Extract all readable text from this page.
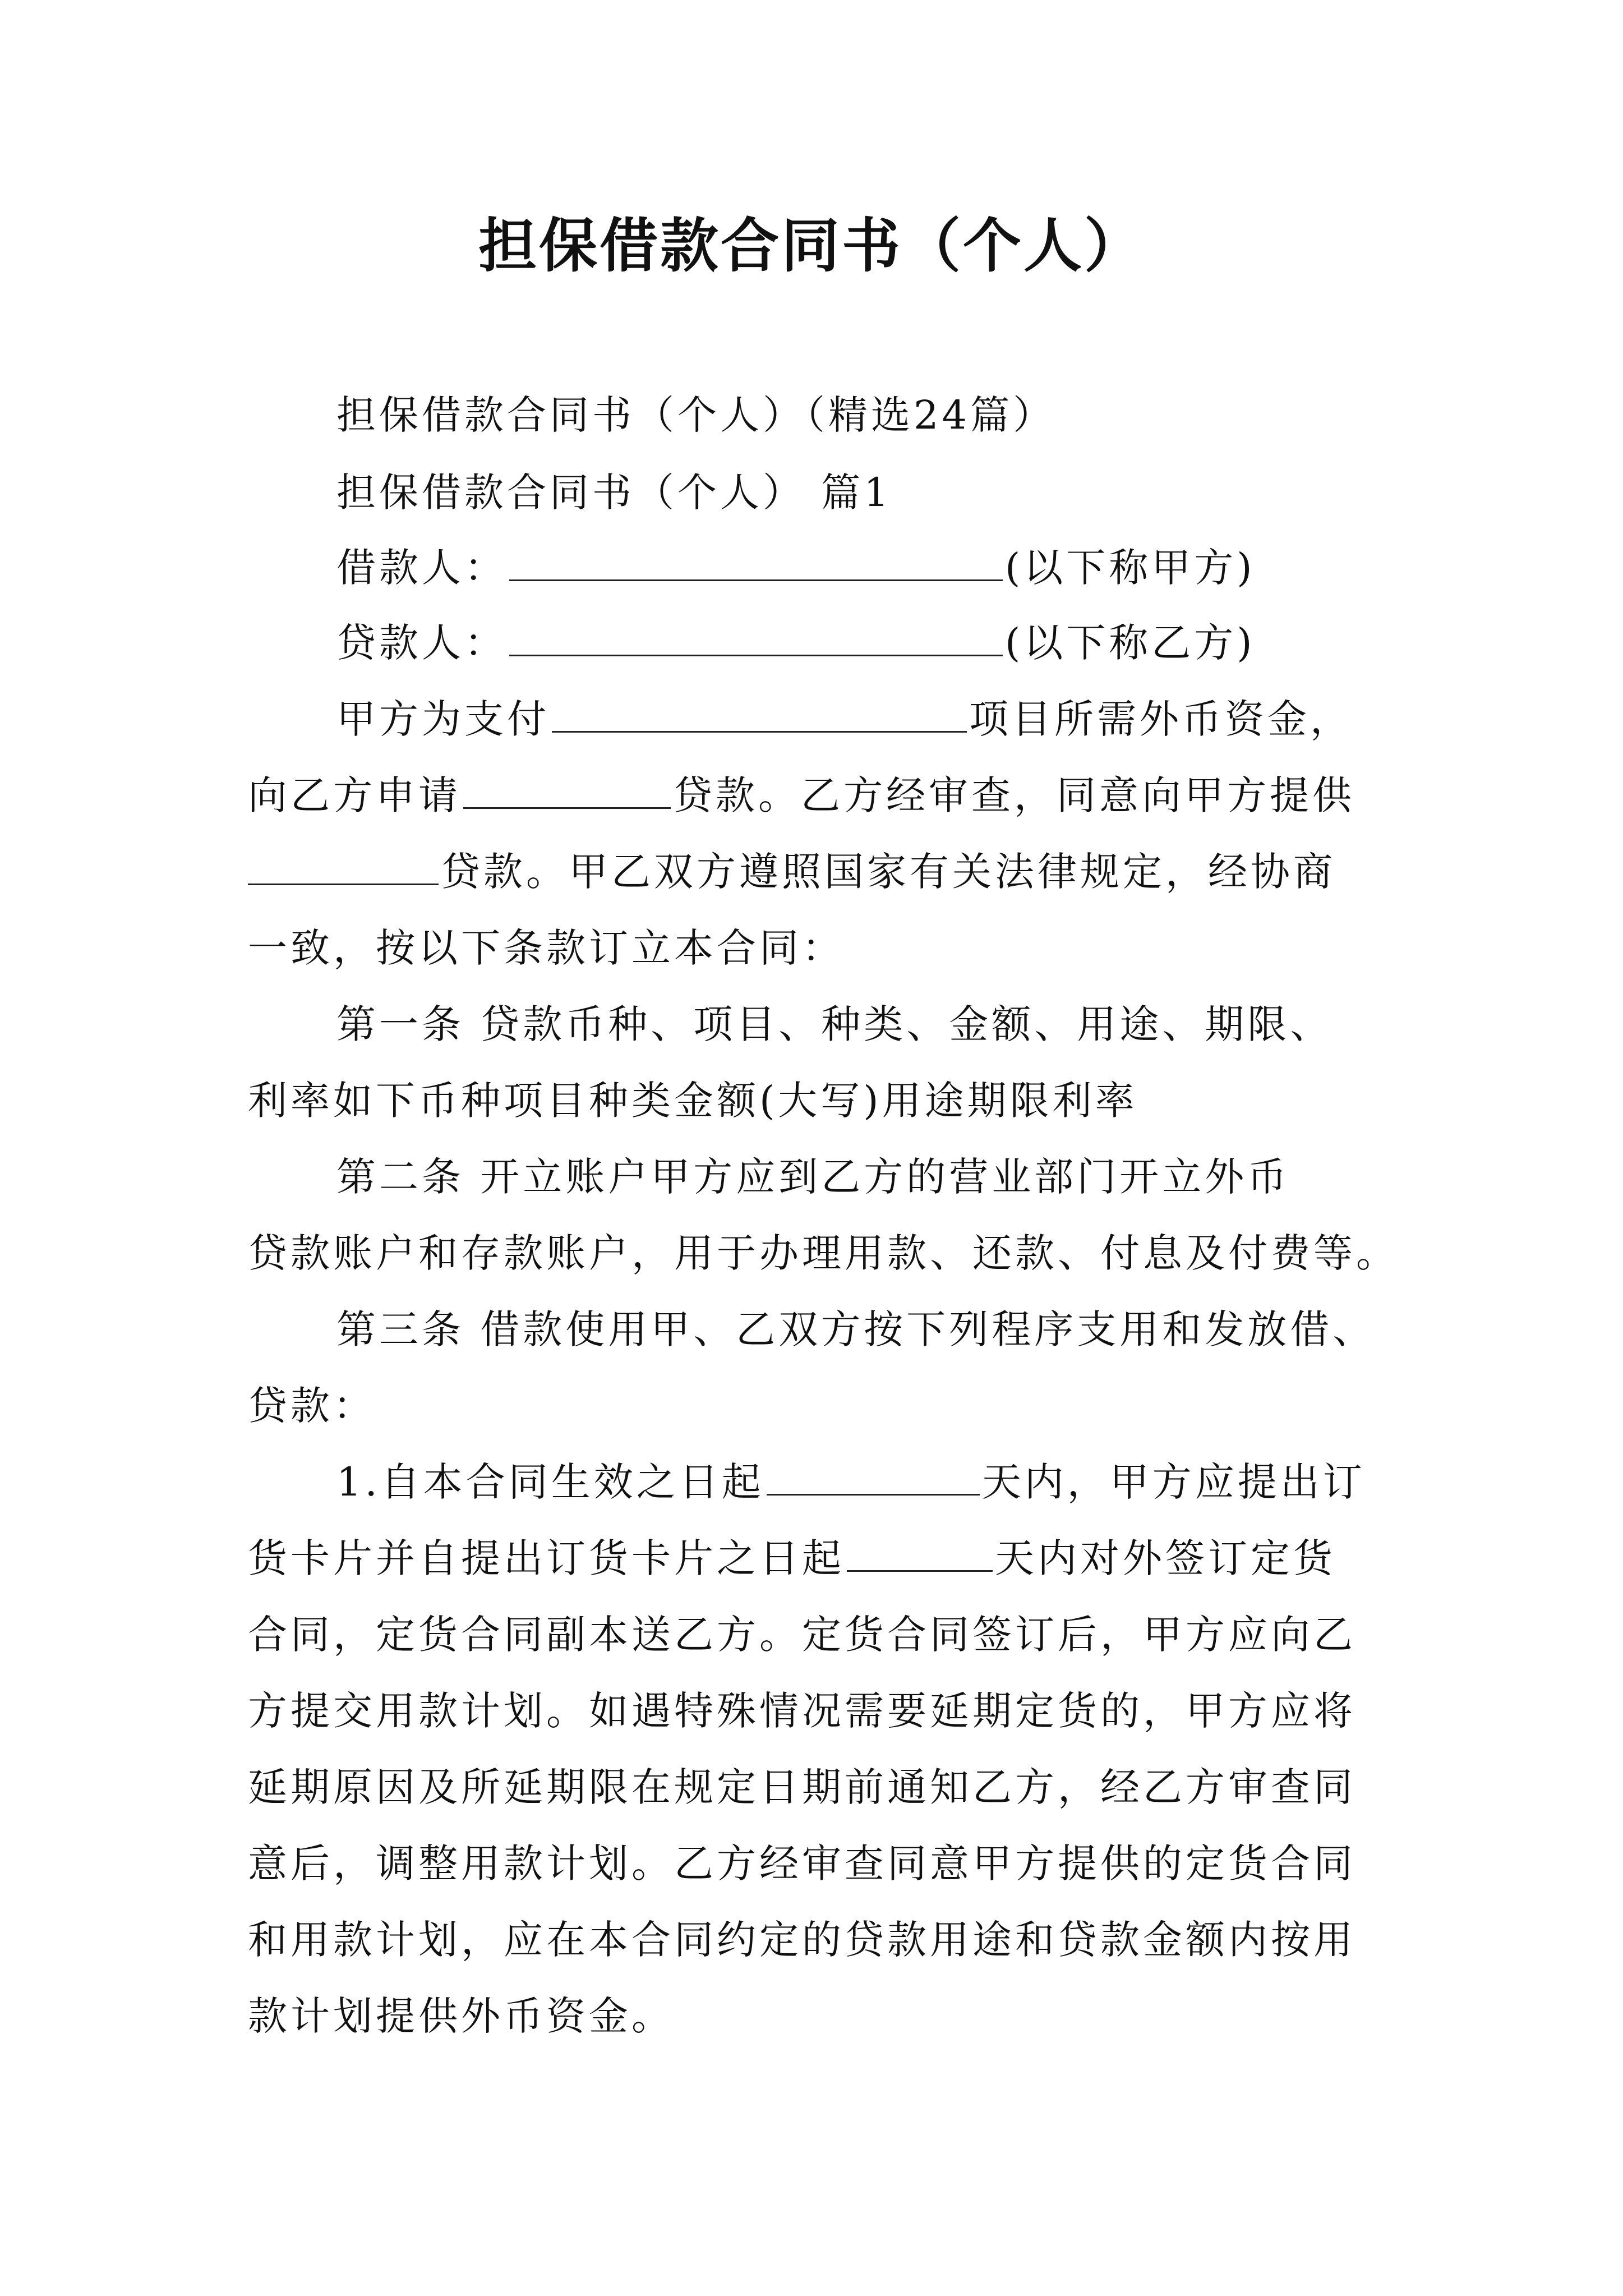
担保借款合同书（个人）
担保借款合同书（个人）（精选24篇）
担保借款合同书（个人） 篇1
借款人：	(以下称甲方)
贷款人：	(以下称乙方)
甲方为支付	项目所需外币资金，
向乙方申请	贷款。乙方经审查，同意向甲方提供
贷款。甲乙双方遵照国家有关法律规定，经协商
一致，按以下条款订立本合同：
第一条 贷款币种、项目、种类、金额、用途、期限、
利率如下币种项目种类金额(大写)用途期限利率
第二条 开立账户甲方应到乙方的营业部门开立外币
贷款账户和存款账户，用于办理用款、还款、付息及付费等。
第三条 借款使用甲、乙双方按下列程序支用和发放借、
贷款：
1.自本合同生效之日起	天内，甲方应提出订
货卡片并自提出订货卡片之日起	天内对外签订定货
合同，定货合同副本送乙方。定货合同签订后，甲方应向乙
方提交用款计划。如遇特殊情况需要延期定货的，甲方应将
延期原因及所延期限在规定日期前通知乙方，经乙方审查同
意后，调整用款计划。乙方经审查同意甲方提供的定货合同
和用款计划，应在本合同约定的贷款用途和贷款金额内按用
款计划提供外币资金。
